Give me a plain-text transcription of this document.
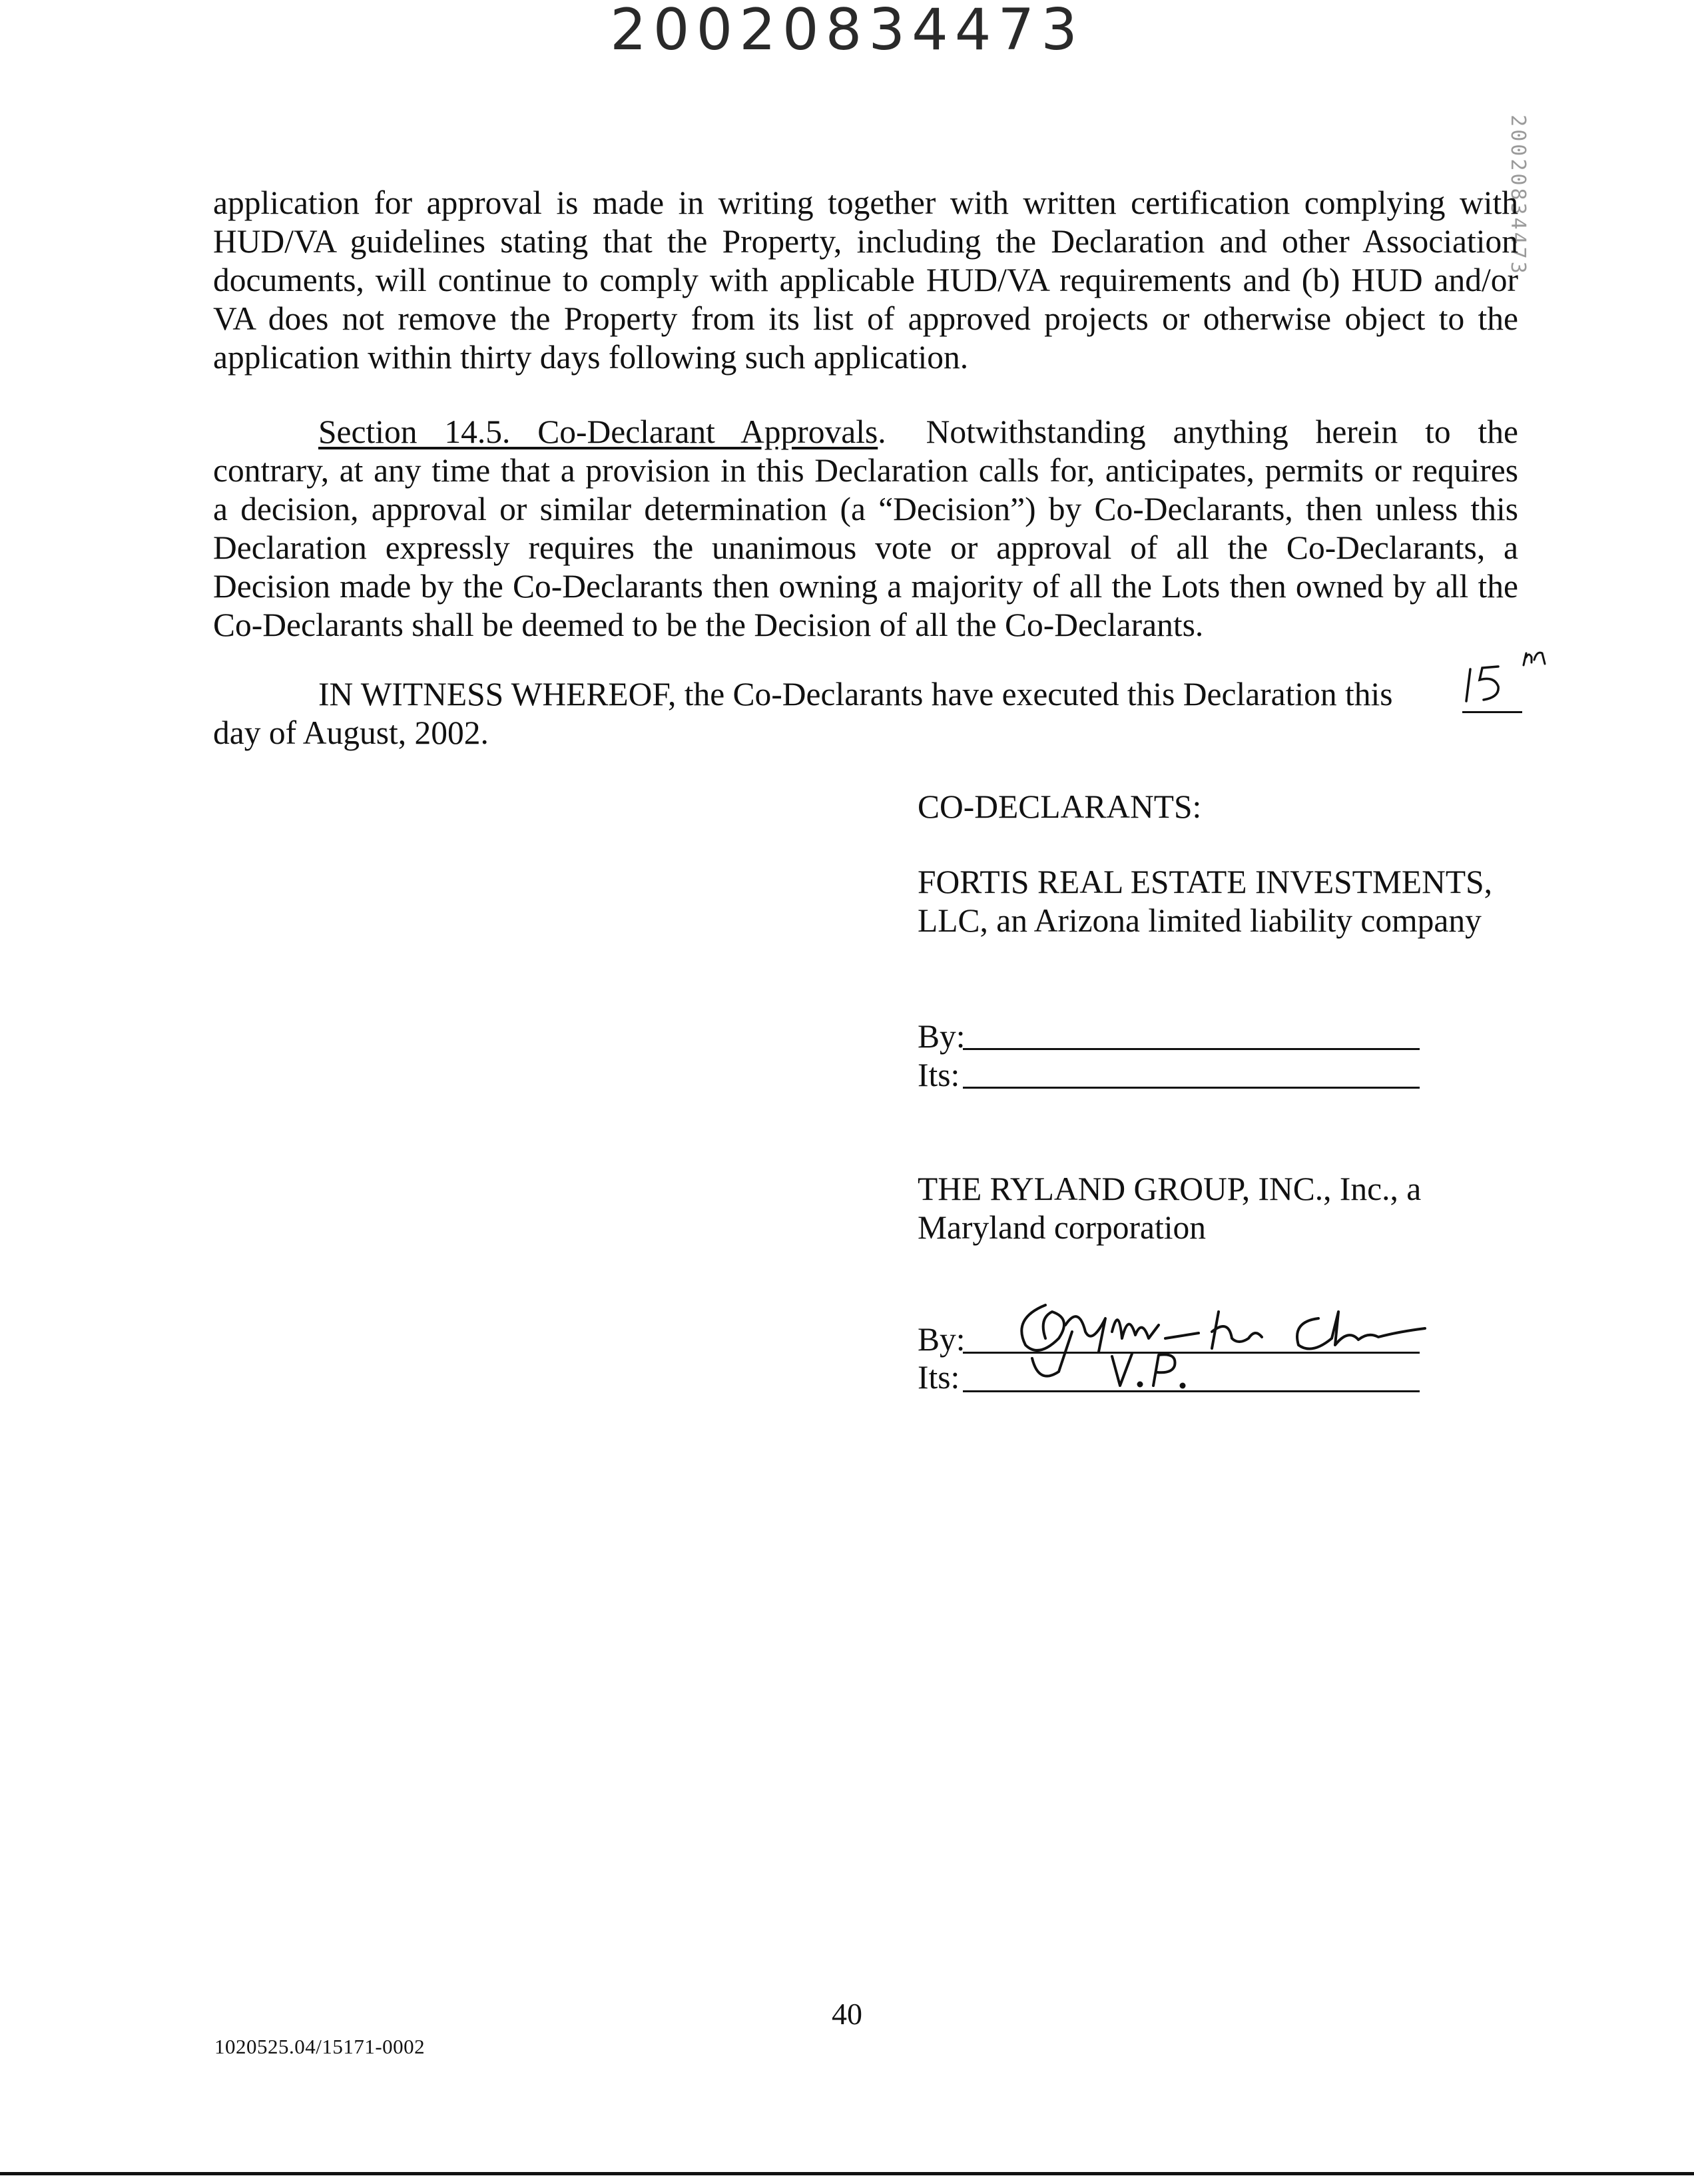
20020834473
20020834473
application for approval is made in writing together with written certification complying with
HUD/VA guidelines stating that the Property, including the Declaration and other Association
documents, will continue to comply with applicable HUD/VA requirements and (b) HUD and/or
VA does not remove the Property from its list of approved projects or otherwise object to the
application within thirty days following such application.
Section 14.5. Co-Declarant Approvals. Notwithstanding anything herein to the
contrary, at any time that a provision in this Declaration calls for, anticipates, permits or requires
a decision, approval or similar determination (a “Decision”) by Co-Declarants, then unless this
Declaration expressly requires the unanimous vote or approval of all the Co-Declarants, a
Decision made by the Co-Declarants then owning a majority of all the Lots then owned by all the
Co-Declarants shall be deemed to be the Decision of all the Co-Declarants.
IN WITNESS WHEREOF, the Co-Declarants have executed this Declaration this
day of August, 2002.
CO-DECLARANTS:
FORTIS REAL ESTATE INVESTMENTS,
LLC, an Arizona limited liability company
By:
Its:
THE RYLAND GROUP, INC., Inc., a
Maryland corporation
By:
Its:
40
1020525.04/15171-0002
